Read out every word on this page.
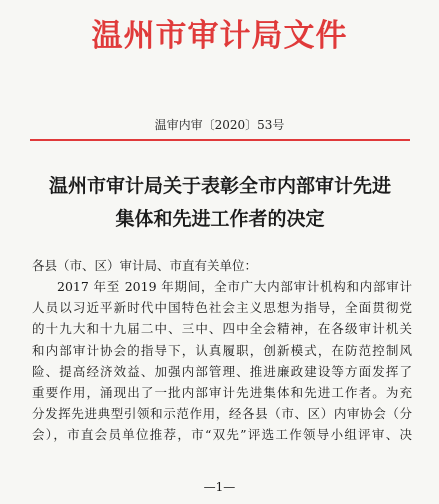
温州市审计局文件
温审内审〔2020〕53号
温州市审计局关于表彰全市内部审计先进
集体和先进工作者的决定
各县（市、区）审计局、市直有关单位：
2017 年至 2019 年期间，全市广大内部审计机构和内部审计
人员以习近平新时代中国特色社会主义思想为指导，全面贯彻党
的十九大和十九届二中、三中、四中全会精神，在各级审计机关
和内部审计协会的指导下，认真履职，创新模式，在防范控制风
险、提高经济效益、加强内部管理、推进廉政建设等方面发挥了
重要作用，涌现出了一批内部审计先进集体和先进工作者。为充
分发挥先进典型引领和示范作用，经各县（市、区）内审协会（分
会），市直会员单位推荐，市“双先”评选工作领导小组评审、决
—1—
